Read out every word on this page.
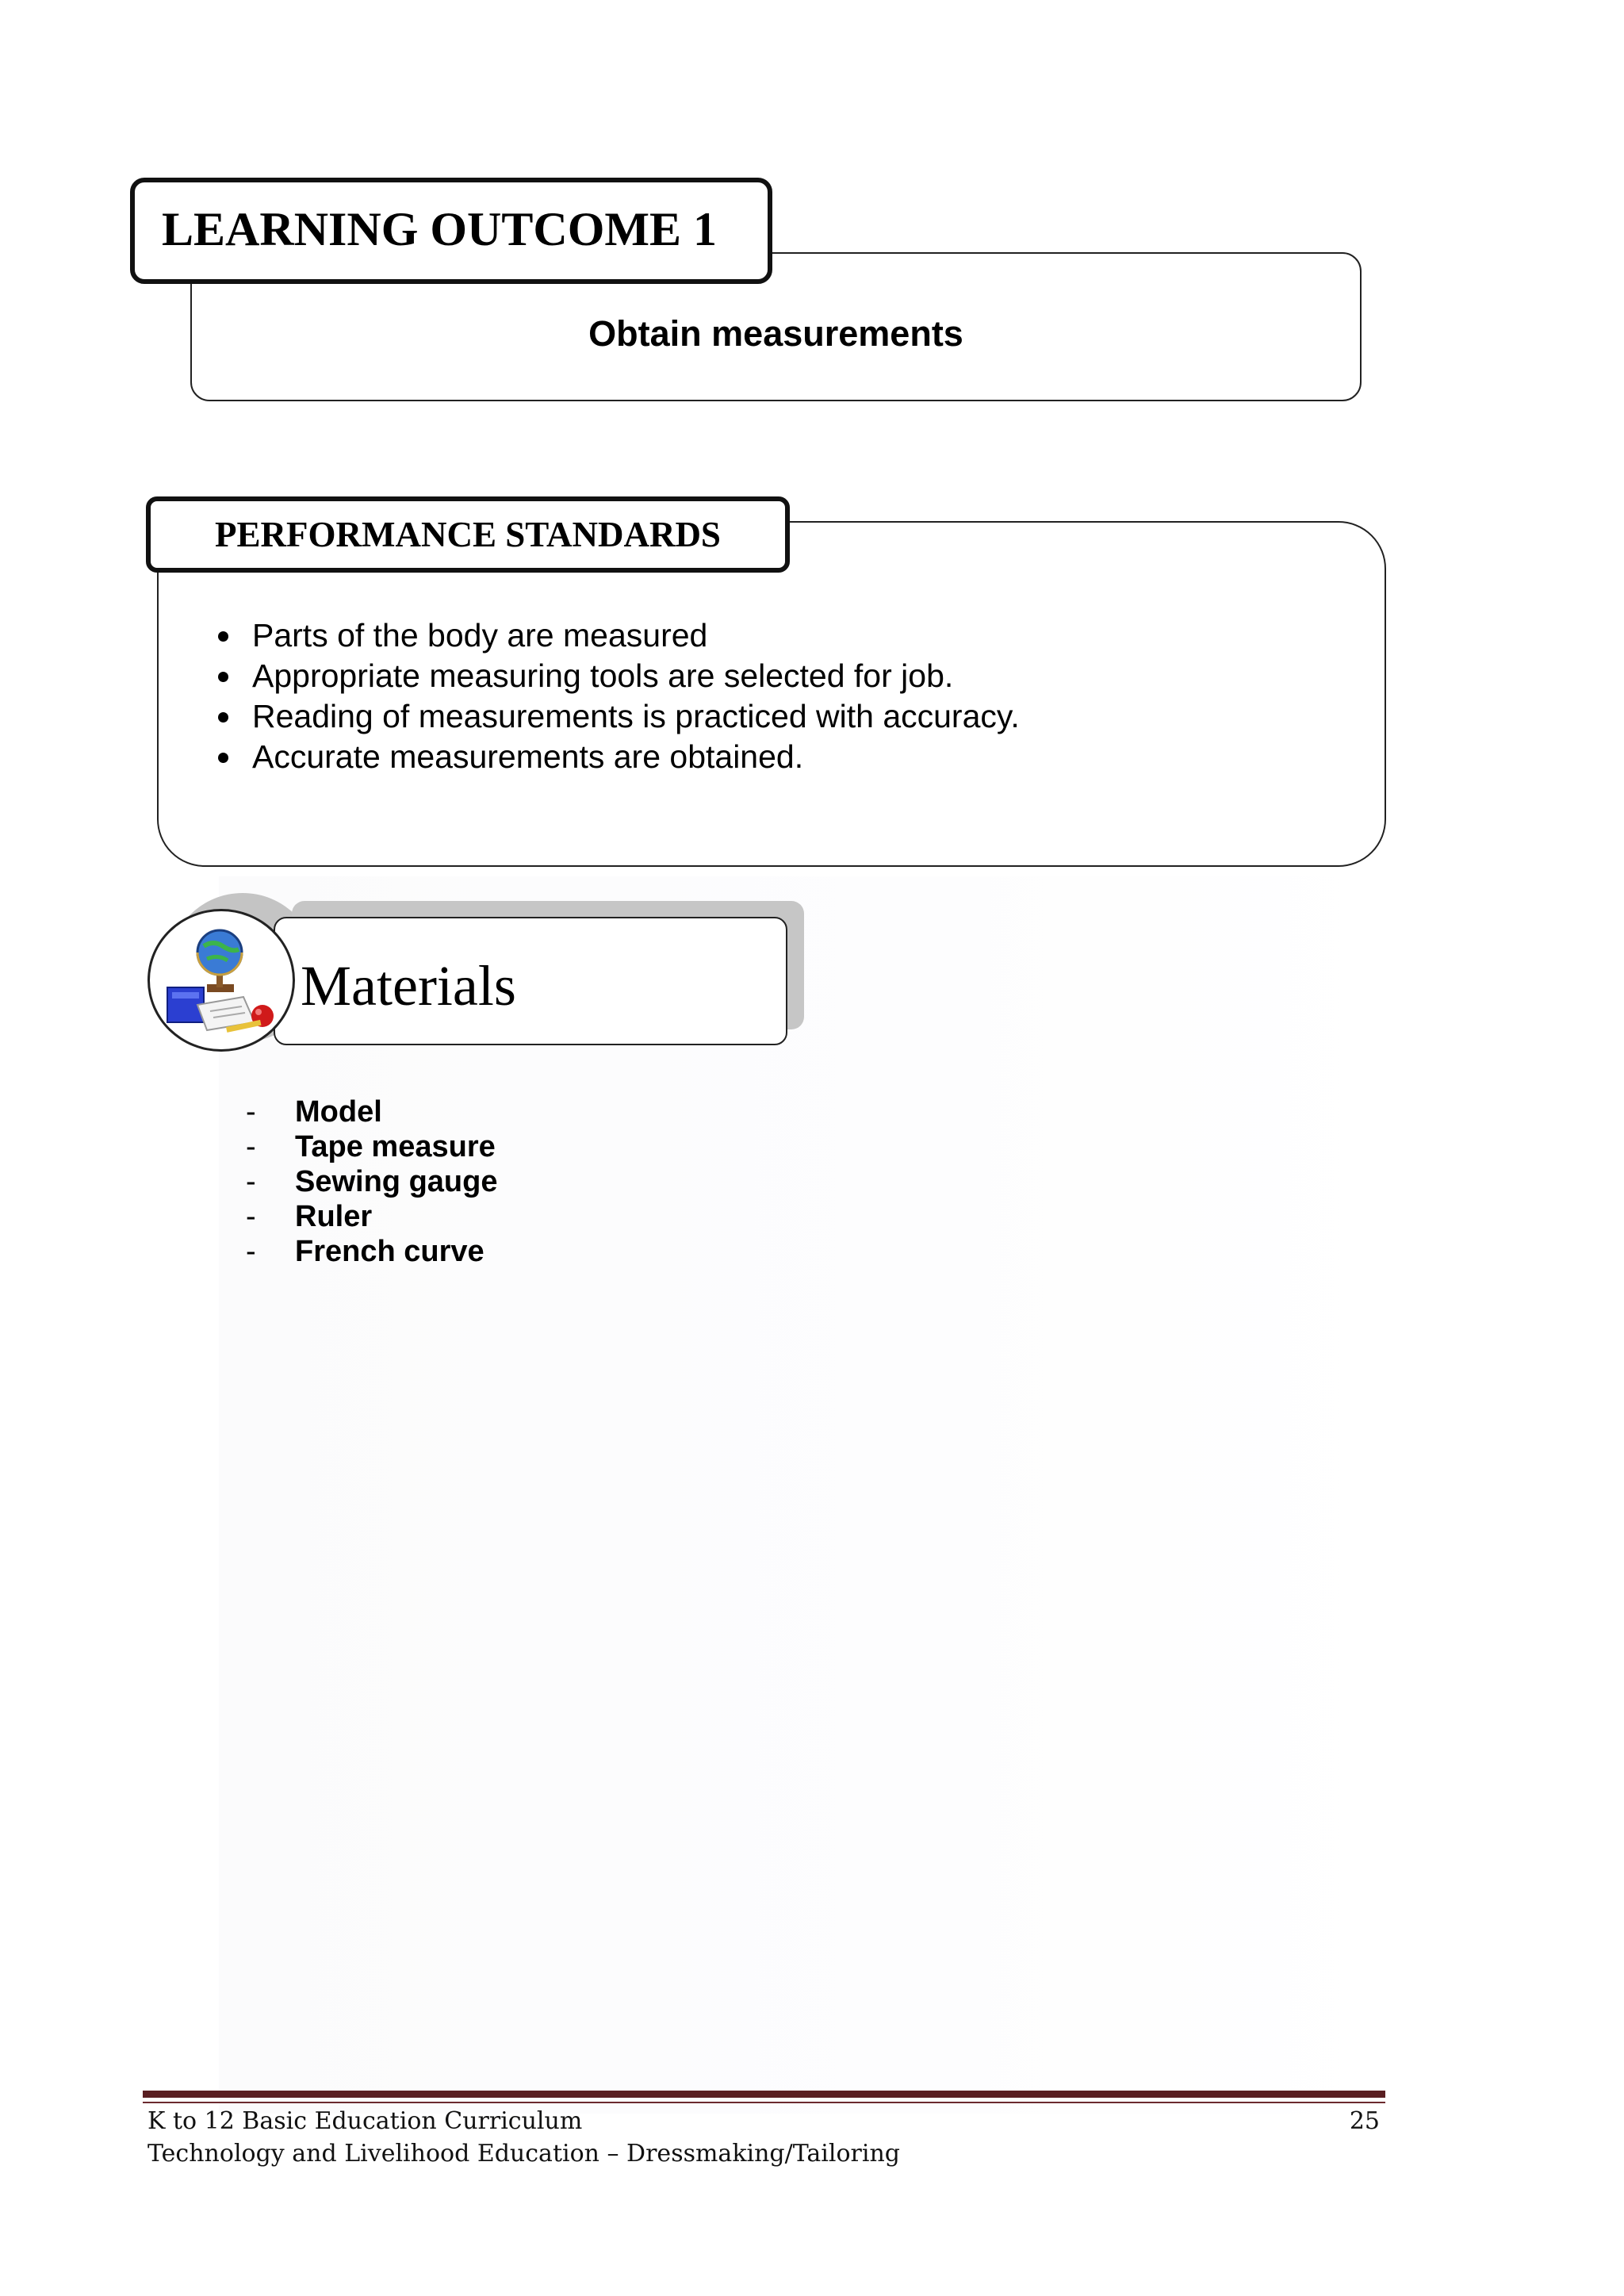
Obtain measurements
LEARNING OUTCOME 1
PERFORMANCE STANDARDS
Parts of the body are measured
Appropriate measuring tools are selected for job.
Reading of measurements is practiced with accuracy.
Accurate measurements are obtained.
Materials
- Model
- Tape measure
- Sewing gauge
- Ruler
- French curve
K to 12 Basic Education Curriculum
Technology and Livelihood Education – Dressmaking/Tailoring
25
